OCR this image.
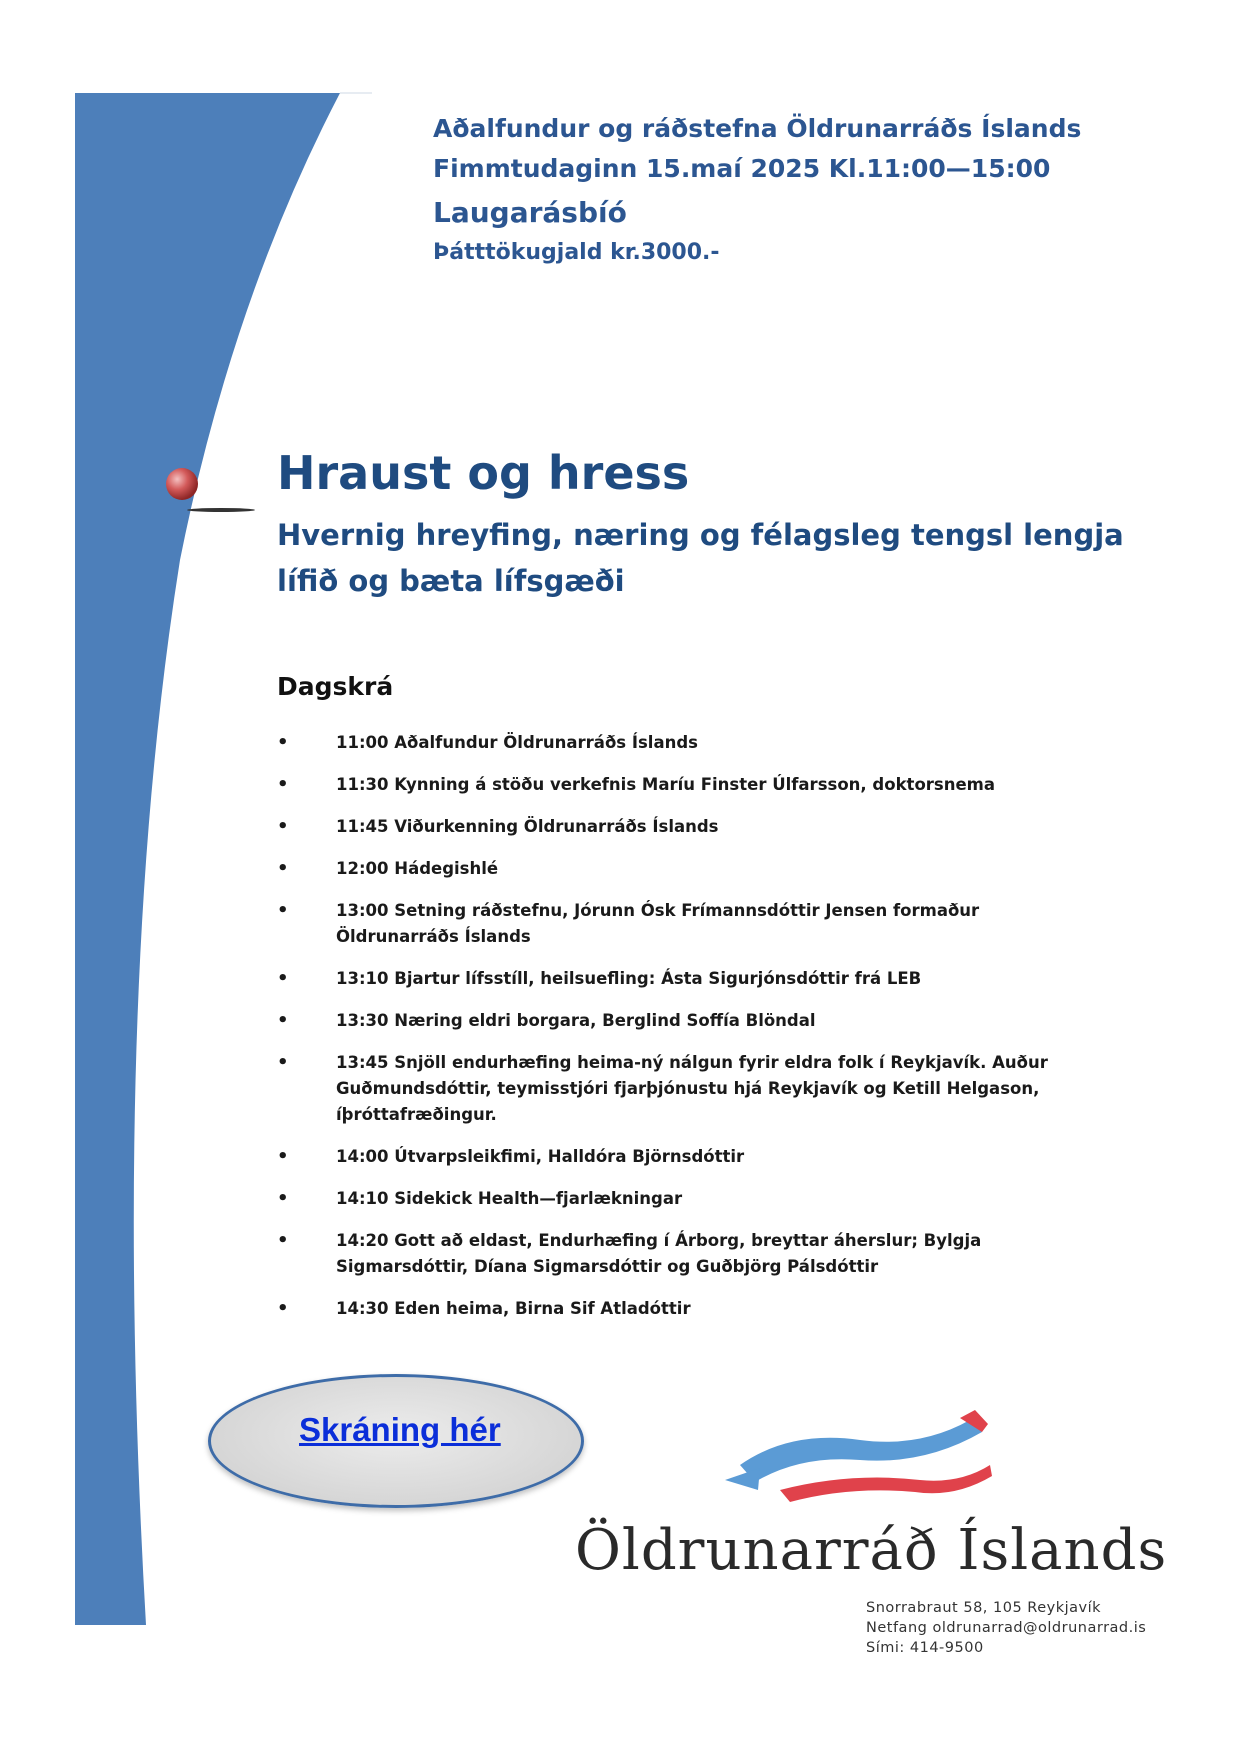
Aðalfundur og ráðstefna Öldrunarráðs Íslands
Fimmtudaginn 15.maí 2025 Kl.11:00—15:00
Laugarásbíó
Þátttökugjald kr.3000.-
Hraust og hress
Hvernig hreyfing, næring og félagsleg tengsl lengja lífið og bæta lífsgæði
Dagskrá
•	11:00 Aðalfundur Öldrunarráðs Íslands
•	11:30 Kynning á stöðu verkefnis Maríu Finster Úlfarsson, doktorsnema
•	11:45 Viðurkenning Öldrunarráðs Íslands
•	12:00 Hádegishlé
•	13:00 Setning ráðstefnu, Jórunn Ósk Frímannsdóttir Jensen formaður Öldrunarráðs Íslands
•	13:10 Bjartur lífsstíll, heilsuefling: Ásta Sigurjónsdóttir frá LEB
•	13:30 Næring eldri borgara, Berglind Soffía Blöndal
•	13:45 Snjöll endurhæfing heima-ný nálgun fyrir eldra folk í Reykjavík. Auður Guðmundsdóttir, teymisstjóri fjarþjónustu hjá Reykjavík og Ketill Helgason, íþróttafræðingur.
•	14:00 Útvarpsleikfimi, Halldóra Björnsdóttir
•	14:10 Sidekick Health—fjarlækningar
•	14:20 Gott að eldast, Endurhæfing í Árborg, breyttar áherslur; Bylgja Sigmarsdóttir, Díana Sigmarsdóttir og Guðbjörg Pálsdóttir
•	14:30 Eden heima, Birna Sif Atladóttir
Skráning hér
Öldrunarráð Íslands
Snorrabraut 58, 105 Reykjavík
Netfang oldrunarrad@oldrunarrad.is
Sími: 414-9500
